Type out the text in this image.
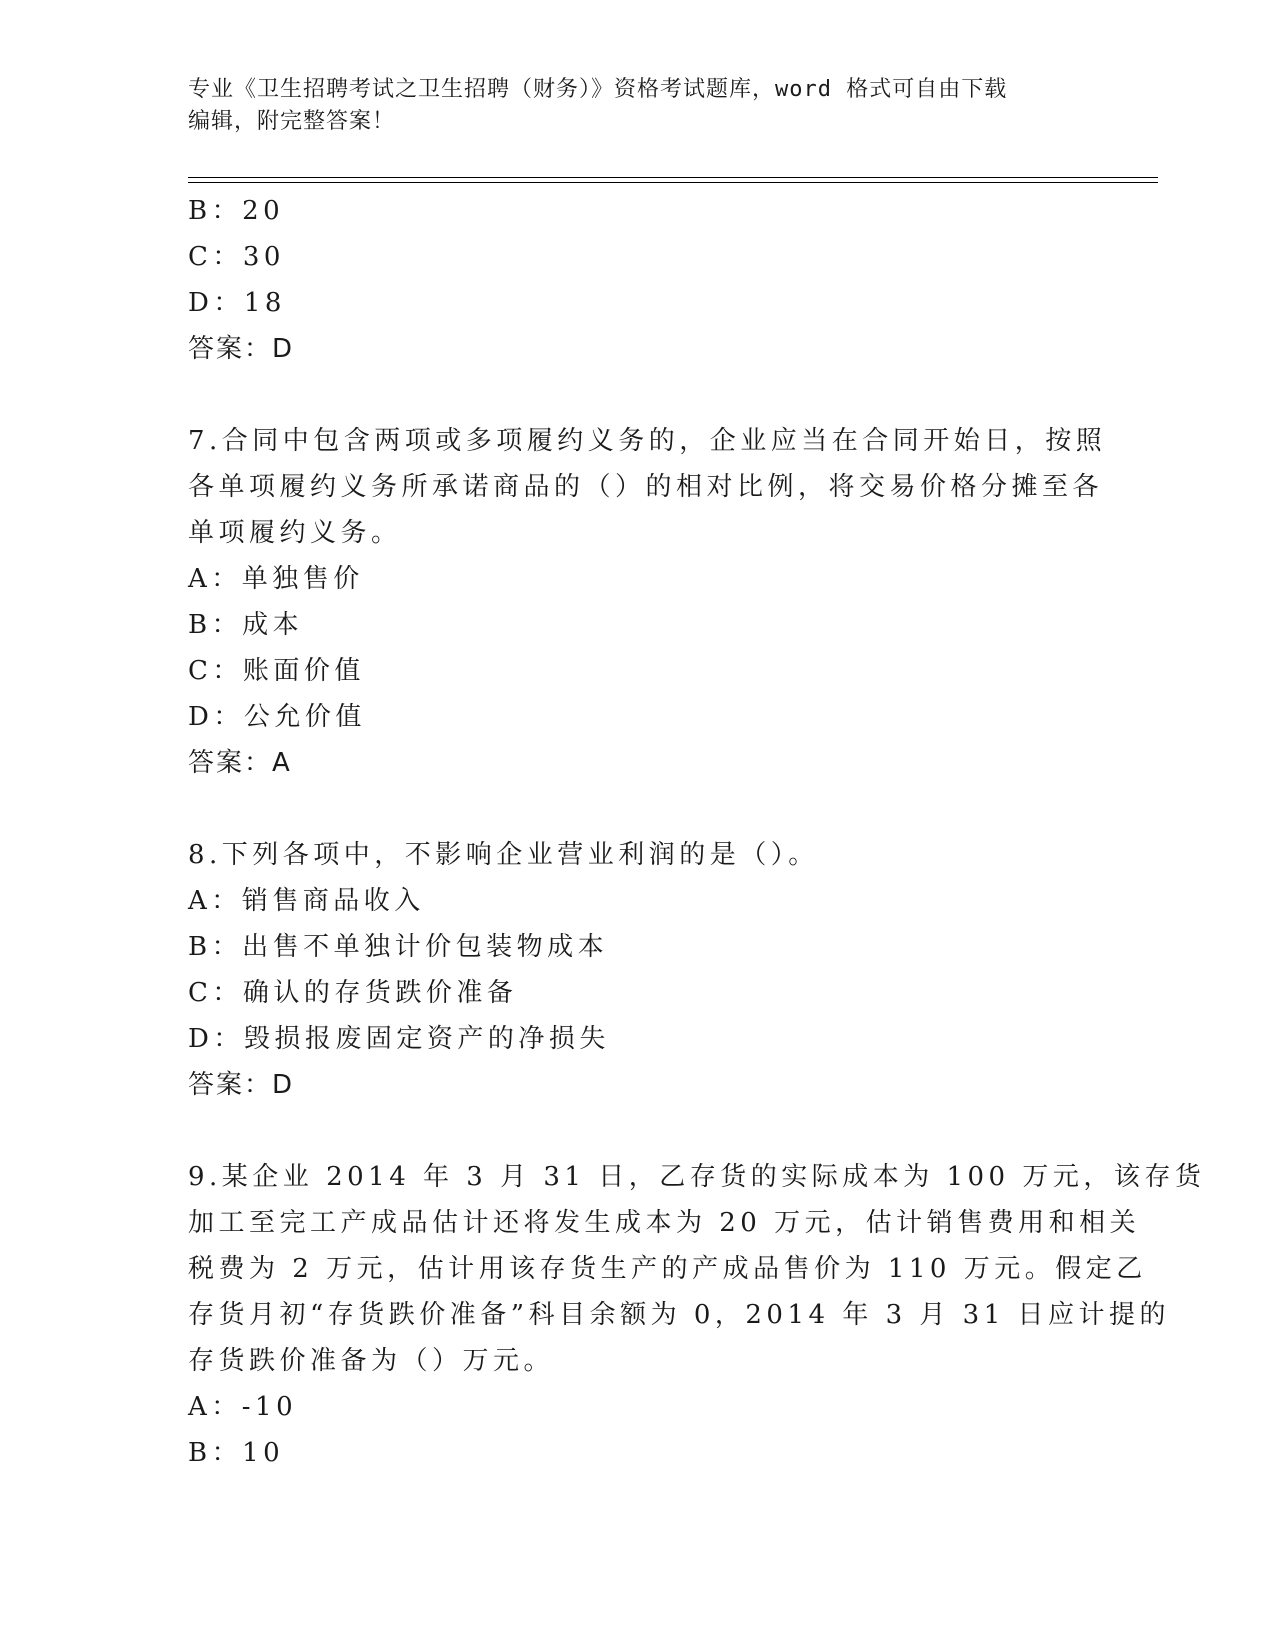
专业《卫生招聘考试之卫生招聘（财务）》资格考试题库，word 格式可自由下载
编辑，附完整答案！
B：20
C：30
D：18
答案：D
7.合同中包含两项或多项履约义务的，企业应当在合同开始日，按照
各单项履约义务所承诺商品的（）的相对比例，将交易价格分摊至各
单项履约义务。
A：单独售价
B：成本
C：账面价值
D：公允价值
答案：A
8.下列各项中，不影响企业营业利润的是（）。
A：销售商品收入
B：出售不单独计价包装物成本
C：确认的存货跌价准备
D：毁损报废固定资产的净损失
答案：D
9.某企业 2014 年 3 月 31 日，乙存货的实际成本为 100 万元，该存货
加工至完工产成品估计还将发生成本为 20 万元，估计销售费用和相关
税费为 2 万元，估计用该存货生产的产成品售价为 110 万元。假定乙
存货月初“存货跌价准备”科目余额为 0，2014 年 3 月 31 日应计提的
存货跌价准备为（）万元。
A：-10
B：10
